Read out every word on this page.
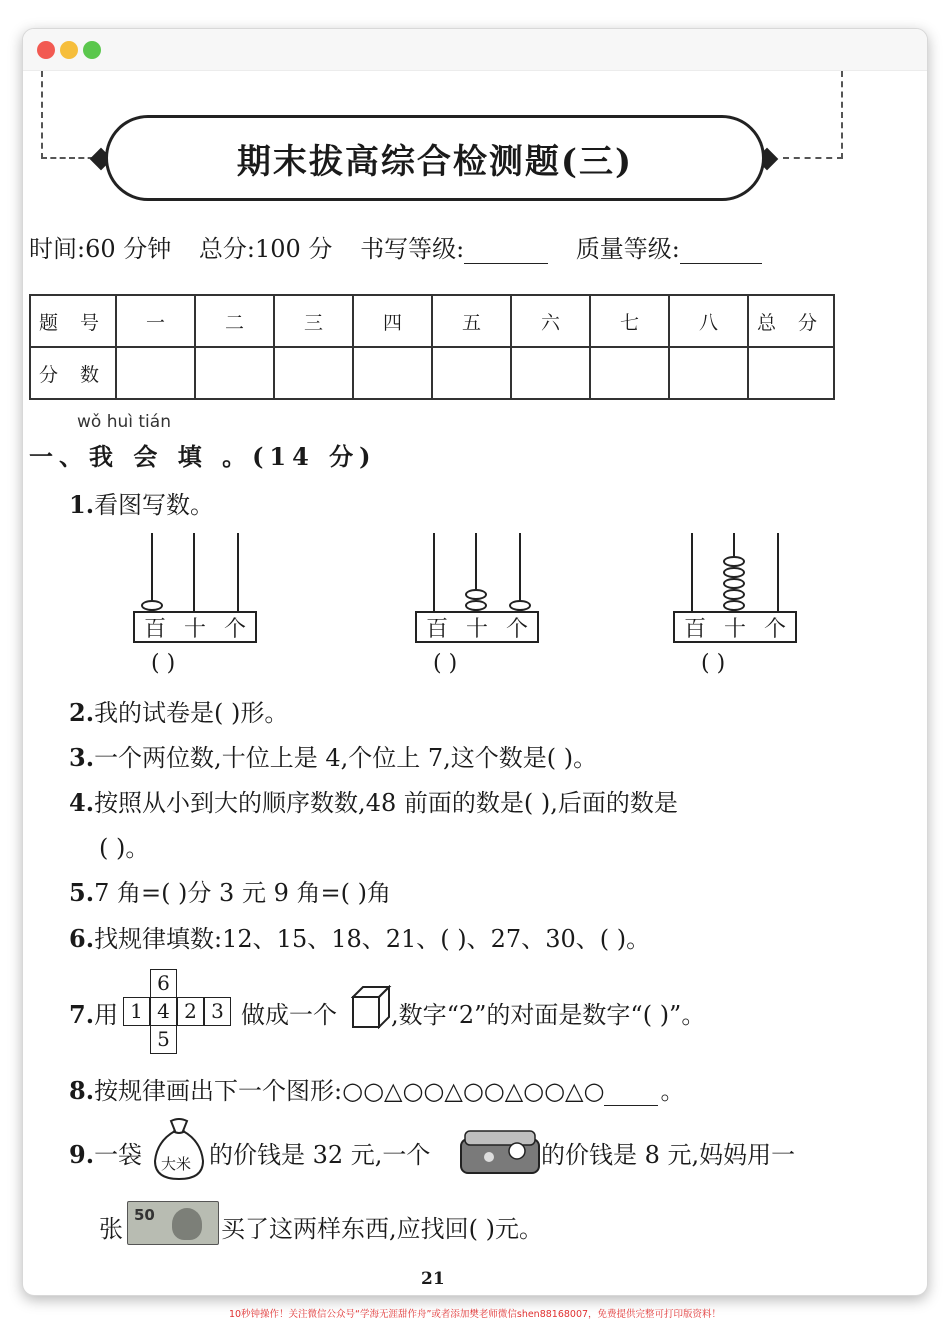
期末拔高综合检测题(三)
时间:60 分钟 总分:100 分 书写等级:	质量等级:
题 号	一	二	三	四	五	六	七	八	总 分
分 数									
wǒ huì tián
一、我 会 填 。(14 分)
1.看图写数。
百 十 个
( )
百 十 个
( )
百 十 个
( )
2.我的试卷是( )形。
3.一个两位数,十位上是 4,个位上 7,这个数是( )。
4.按照从小到大的顺序数数,48 前面的数是( ),后面的数是
( )。
5.7 角=( )分 3 元 9 角=( )角
6.找规律填数:12、15、18、21、( )、27、30、( )。
7.用
6
1 4 2 3
5
做成一个 ,数字“2”的对面是数字“( )”。
8.按规律画出下一个图形:○○△○○△○○△○○△○ 。
9.一袋 大米 的价钱是 32 元,一个	的价钱是 8 元,妈妈用一
张 50	买了这两样东西,应找回( )元。
21
10秒钟操作！关注微信公众号“学海无涯甜作舟”或者添加樊老师微信shen88168007，免费提供完整可打印版资料！
